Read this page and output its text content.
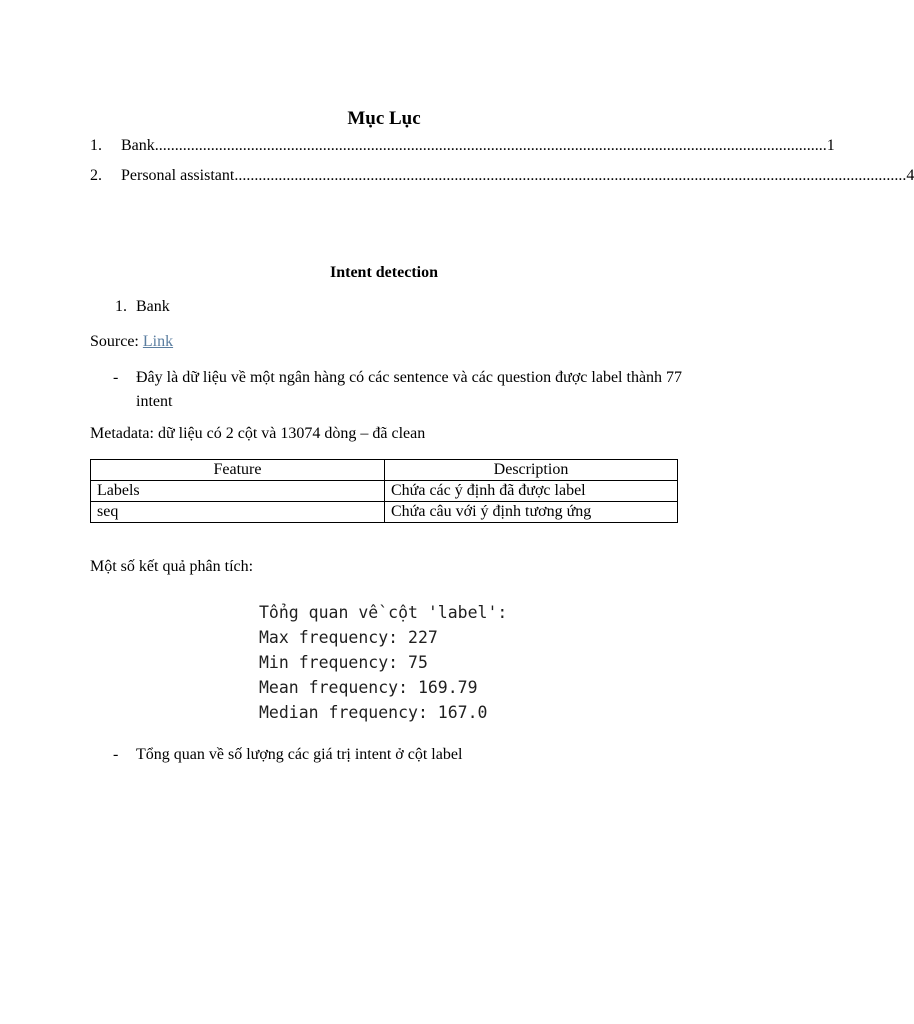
Mục Lục
1.	Bank ........................................................................................................................................................................ 1
2.	Personal assistant ........................................................................................................................................................................ 4
Intent detection
1. Bank
Source: Link
- Đây là dữ liệu về một ngân hàng có các sentence và các question được label thành 77 intent
Metadata: dữ liệu có 2 cột và 13074 dòng – đã clean
Feature	Description
Labels	Chứa các ý định đã được label
seq	Chứa câu với ý định tương ứng
Một số kết quả phân tích:
Tổng quan về cột 'label':
Max frequency: 227
Min frequency: 75
Mean frequency: 169.79
Median frequency: 167.0
- Tổng quan về số lượng các giá trị intent ở cột label
